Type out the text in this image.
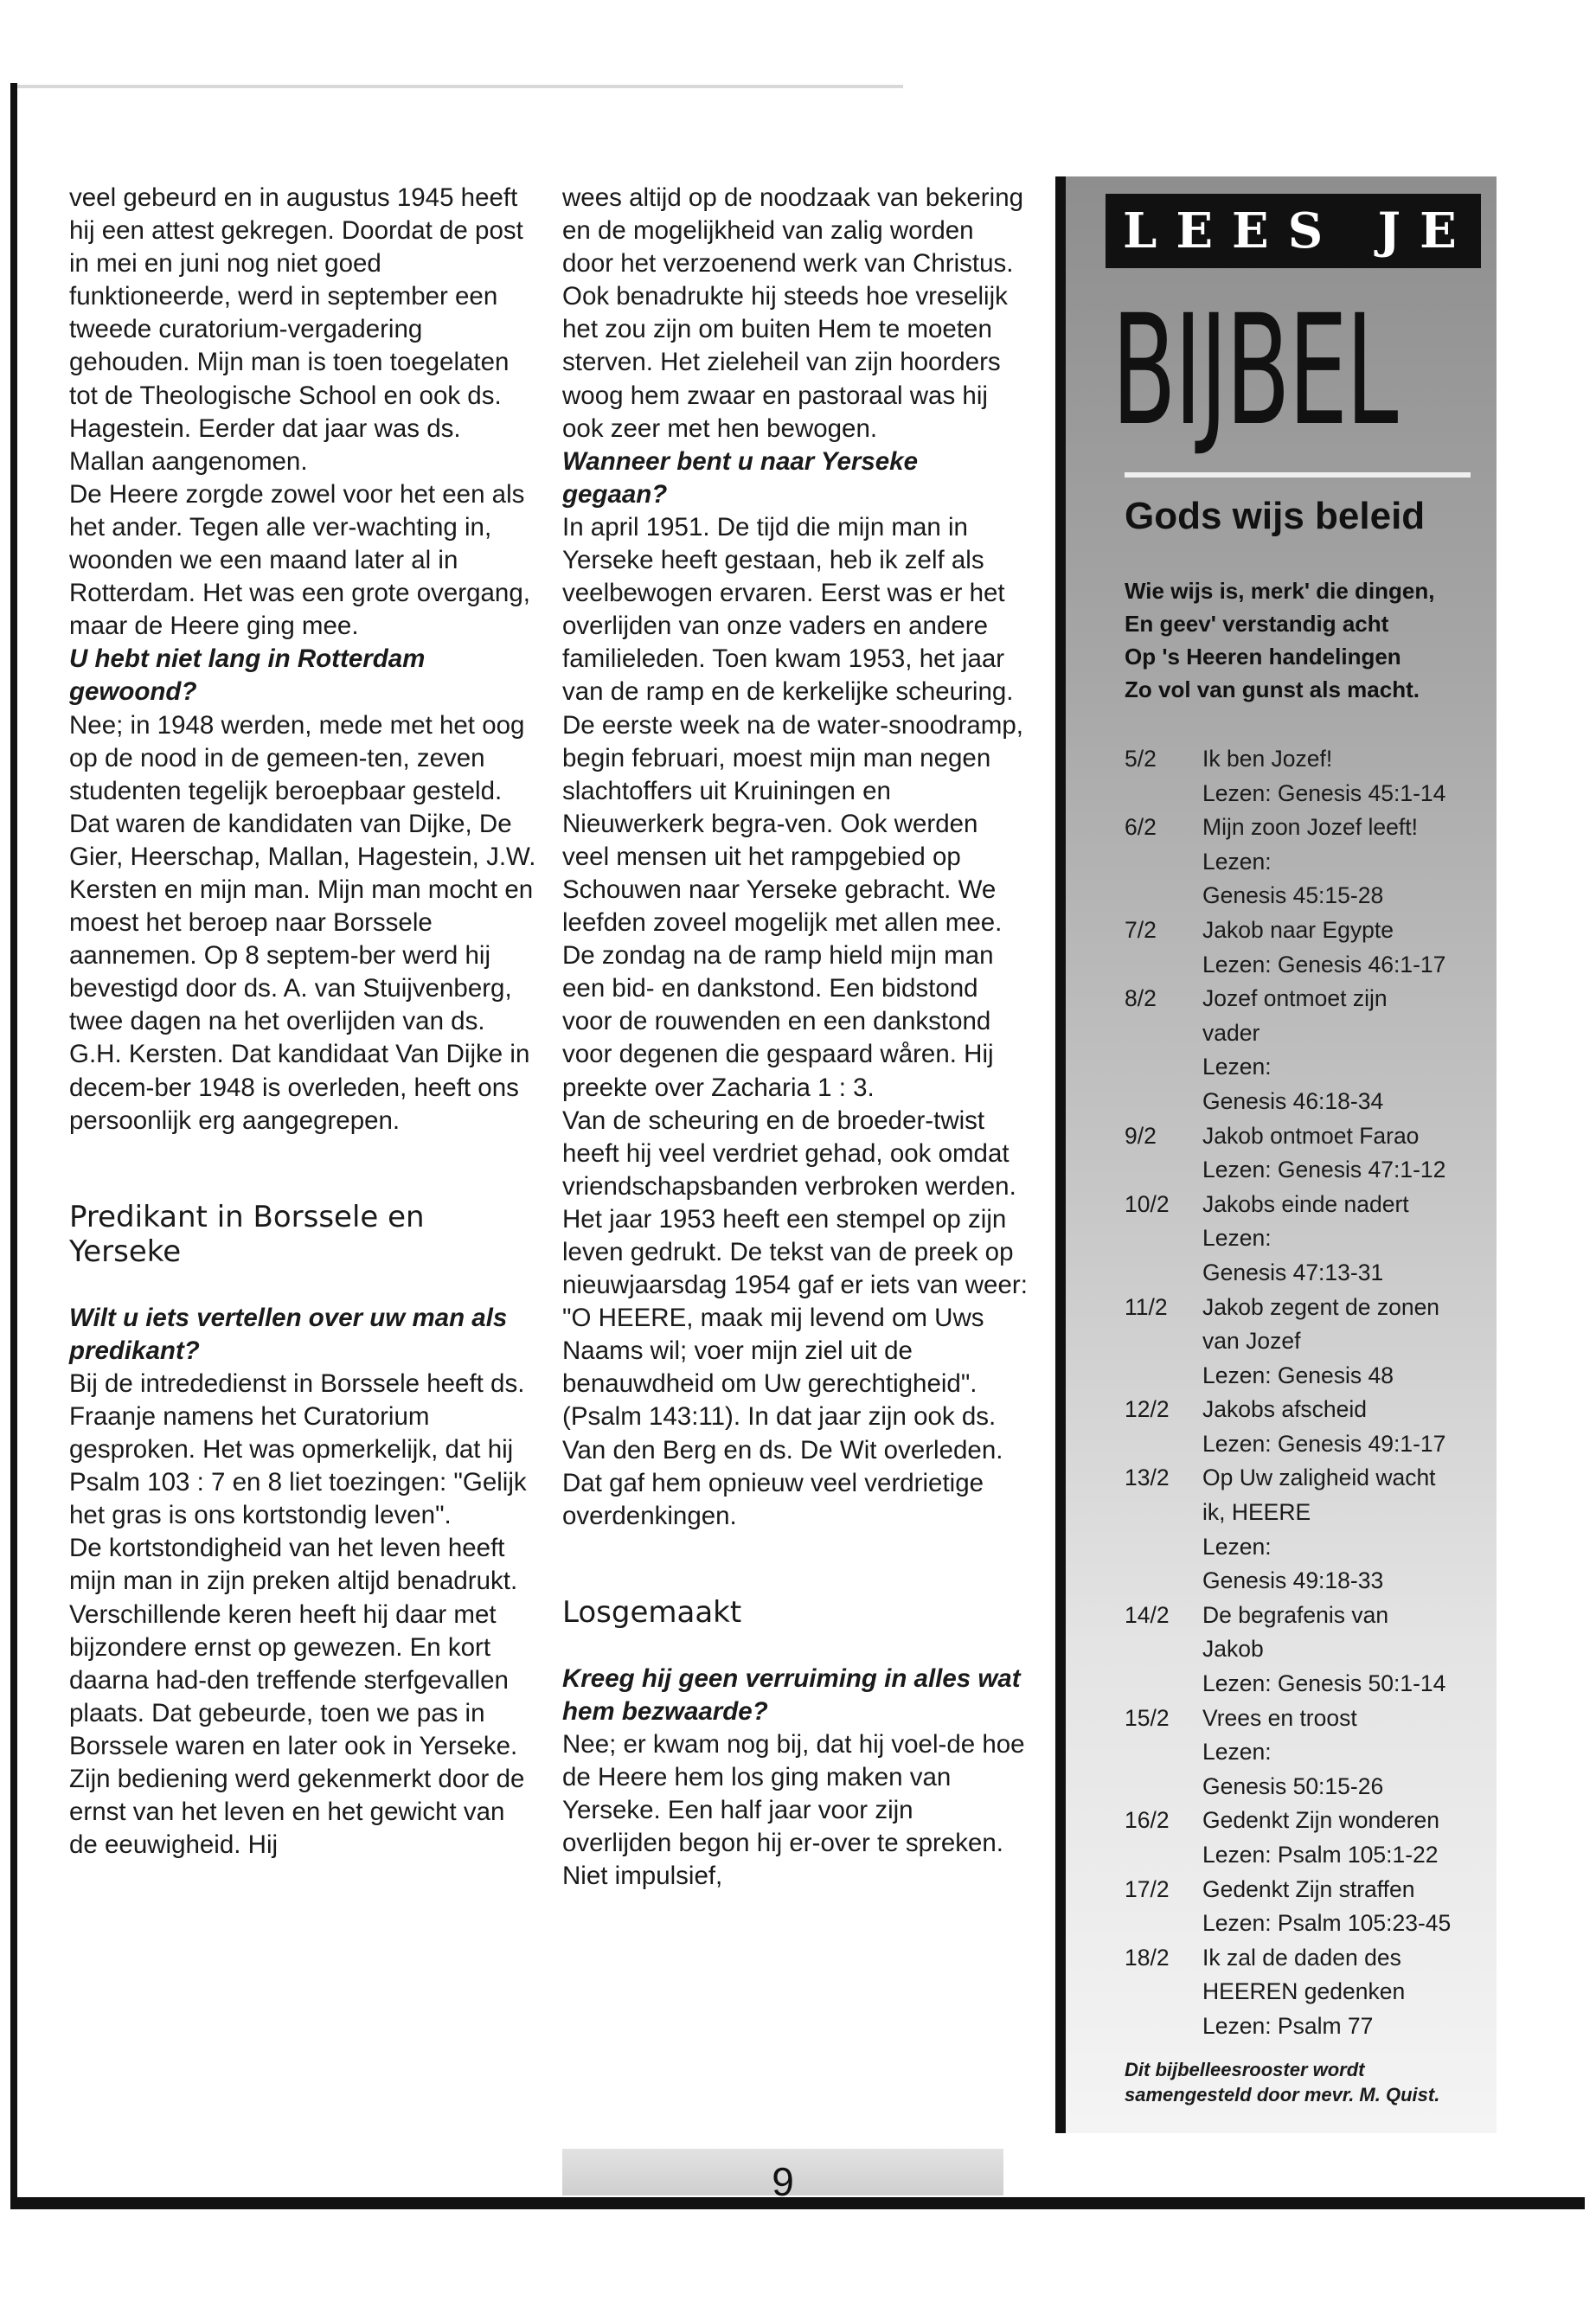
veel gebeurd en in augustus 1945 heeft hij een attest gekregen. Doordat de post in mei en juni nog niet goed funktioneerde, werd in september een tweede curatorium-vergadering gehouden. Mijn man is toen toegelaten tot de Theologische School en ook ds. Hagestein. Eerder dat jaar was ds. Mallan aangenomen.

De Heere zorgde zowel voor het een als het ander. Tegen alle ver-wachting in, woonden we een maand later al in Rotterdam. Het was een grote overgang, maar de Heere ging mee.

U hebt niet lang in Rotterdam gewoond?

Nee; in 1948 werden, mede met het oog op de nood in de gemeen-ten, zeven studenten tegelijk beroepbaar gesteld. Dat waren de kandidaten van Dijke, De Gier, Heerschap, Mallan, Hagestein, J.W. Kersten en mijn man. Mijn man mocht en moest het beroep naar Borssele aannemen. Op 8 septem-ber werd hij bevestigd door ds. A. van Stuijvenberg, twee dagen na het overlijden van ds. G.H. Kersten. Dat kandidaat Van Dijke in decem-ber 1948 is overleden, heeft ons persoonlijk erg aangegrepen.

Predikant in Borssele en Yerseke

Wilt u iets vertellen over uw man als predikant?

Bij de intrededienst in Borssele heeft ds. Fraanje namens het Curatorium gesproken. Het was opmerkelijk, dat hij Psalm 103 : 7 en 8 liet toezingen: "Gelijk het gras is ons kortstondig leven".

De kortstondigheid van het leven heeft mijn man in zijn preken altijd benadrukt. Verschillende keren heeft hij daar met bijzondere ernst op gewezen. En kort daarna had-den treffende sterfgevallen plaats. Dat gebeurde, toen we pas in Borssele waren en later ook in Yerseke.

Zijn bediening werd gekenmerkt door de ernst van het leven en het gewicht van de eeuwigheid. Hij

wees altijd op de noodzaak van bekering en de mogelijkheid van zalig worden door het verzoenend werk van Christus. Ook benadrukte hij steeds hoe vreselijk het zou zijn om buiten Hem te moeten sterven. Het zieleheil van zijn hoorders woog hem zwaar en pastoraal was hij ook zeer met hen bewogen.

Wanneer bent u naar Yerseke gegaan?

In april 1951. De tijd die mijn man in Yerseke heeft gestaan, heb ik zelf als veelbewogen ervaren. Eerst was er het overlijden van onze vaders en andere familieleden. Toen kwam 1953, het jaar van de ramp en de kerkelijke scheuring.

De eerste week na de water-snoodramp, begin februari, moest mijn man negen slachtoffers uit Kruiningen en Nieuwerkerk begra-ven. Ook werden veel mensen uit het rampgebied op Schouwen naar Yerseke gebracht. We leefden zoveel mogelijk met allen mee.

De zondag na de ramp hield mijn man een bid- en dankstond. Een bidstond voor de rouwenden en een dankstond voor degenen die gespaard wåren. Hij preekte over Zacharia 1 : 3.

Van de scheuring en de broeder-twist heeft hij veel verdriet gehad, ook omdat vriendschapsbanden verbroken werden.

Het jaar 1953 heeft een stempel op zijn leven gedrukt. De tekst van de preek op nieuwjaarsdag 1954 gaf er iets van weer: "O HEERE, maak mij levend om Uws Naams wil; voer mijn ziel uit de benauwdheid om Uw gerechtigheid". (Psalm 143:11). In dat jaar zijn ook ds. Van den Berg en ds. De Wit overleden. Dat gaf hem opnieuw veel verdrietige overdenkingen.

Losgemaakt

Kreeg hij geen verruiming in alles wat hem bezwaarde?

Nee; er kwam nog bij, dat hij voel-de hoe de Heere hem los ging maken van Yerseke. Een half jaar voor zijn overlijden begon hij er-over te spreken. Niet impulsief,

LEES JE
BIJBEL
Gods wijs beleid

Wie wijs is, merk' die dingen,

En geev' verstandig acht

Op 's Heeren handelingen

Zo vol van gunst als macht.

5/2	Ik ben Jozef!
Lezen: Genesis 45:1-14
6/2	Mijn zoon Jozef leeft!
Lezen:
Genesis 45:15-28
7/2	Jakob naar Egypte
Lezen: Genesis 46:1-17
8/2	Jozef ontmoet zijn
vader
Lezen:
Genesis 46:18-34
9/2	Jakob ontmoet Farao
Lezen: Genesis 47:1-12
10/2	Jakobs einde nadert
Lezen:
Genesis 47:13-31
11/2	Jakob zegent de zonen
van Jozef
Lezen: Genesis 48
12/2	Jakobs afscheid
Lezen: Genesis 49:1-17
13/2	Op Uw zaligheid wacht
ik, HEERE
Lezen:
Genesis 49:18-33
14/2	De begrafenis van
Jakob
Lezen: Genesis 50:1-14
15/2	Vrees en troost
Lezen:
Genesis 50:15-26
16/2	Gedenkt Zijn wonderen
Lezen: Psalm 105:1-22
17/2	Gedenkt Zijn straffen
Lezen: Psalm 105:23-45
18/2	Ik zal de daden des
HEEREN gedenken
Lezen: Psalm 77
Dit bijbelleesrooster wordt
samengesteld door mevr. M. Quist.
9
